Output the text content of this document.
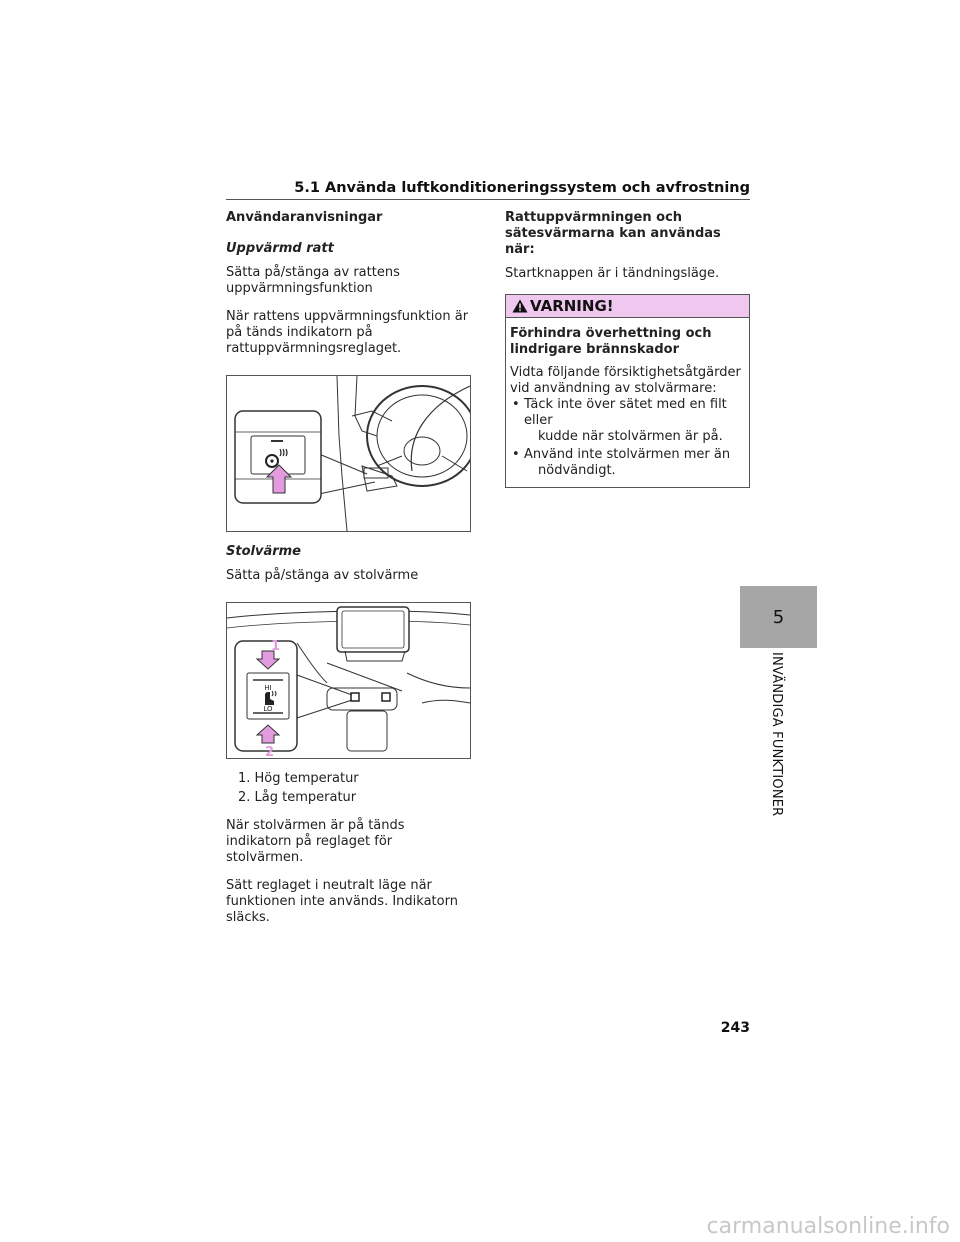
5.1 Använda luftkonditioneringssystem och avfrostning
Användaranvisningar
Uppvärmd ratt
Sätta på/stänga av rattens uppvärmningsfunktion
När rattens uppvärmningsfunktion är på tänds indikatorn på rattuppvärmningsreglaget.
Stolvärme
Sätta på/stänga av stolvärme
HI
LO
1
2
1. Hög temperatur
2. Låg temperatur
När stolvärmen är på tänds indikatorn på reglaget för stolvärmen.
Sätt reglaget i neutralt läge när funktionen inte används. Indikatorn släcks.
Rattuppvärmningen och sätesvärmarna kan användas när:
Startknappen är i tändningsläge.
VARNING!
Förhindra överhettning och lindrigare brännskador
Vidta följande försiktighetsåtgärder vid användning av stolvärmare:
• Täck inte över sätet med en filt eller
kudde när stolvärmen är på.
• Använd inte stolvärmen mer än
nödvändigt.
5
INVÄNDIGA FUNKTIONER
243
carmanualsonline.info
